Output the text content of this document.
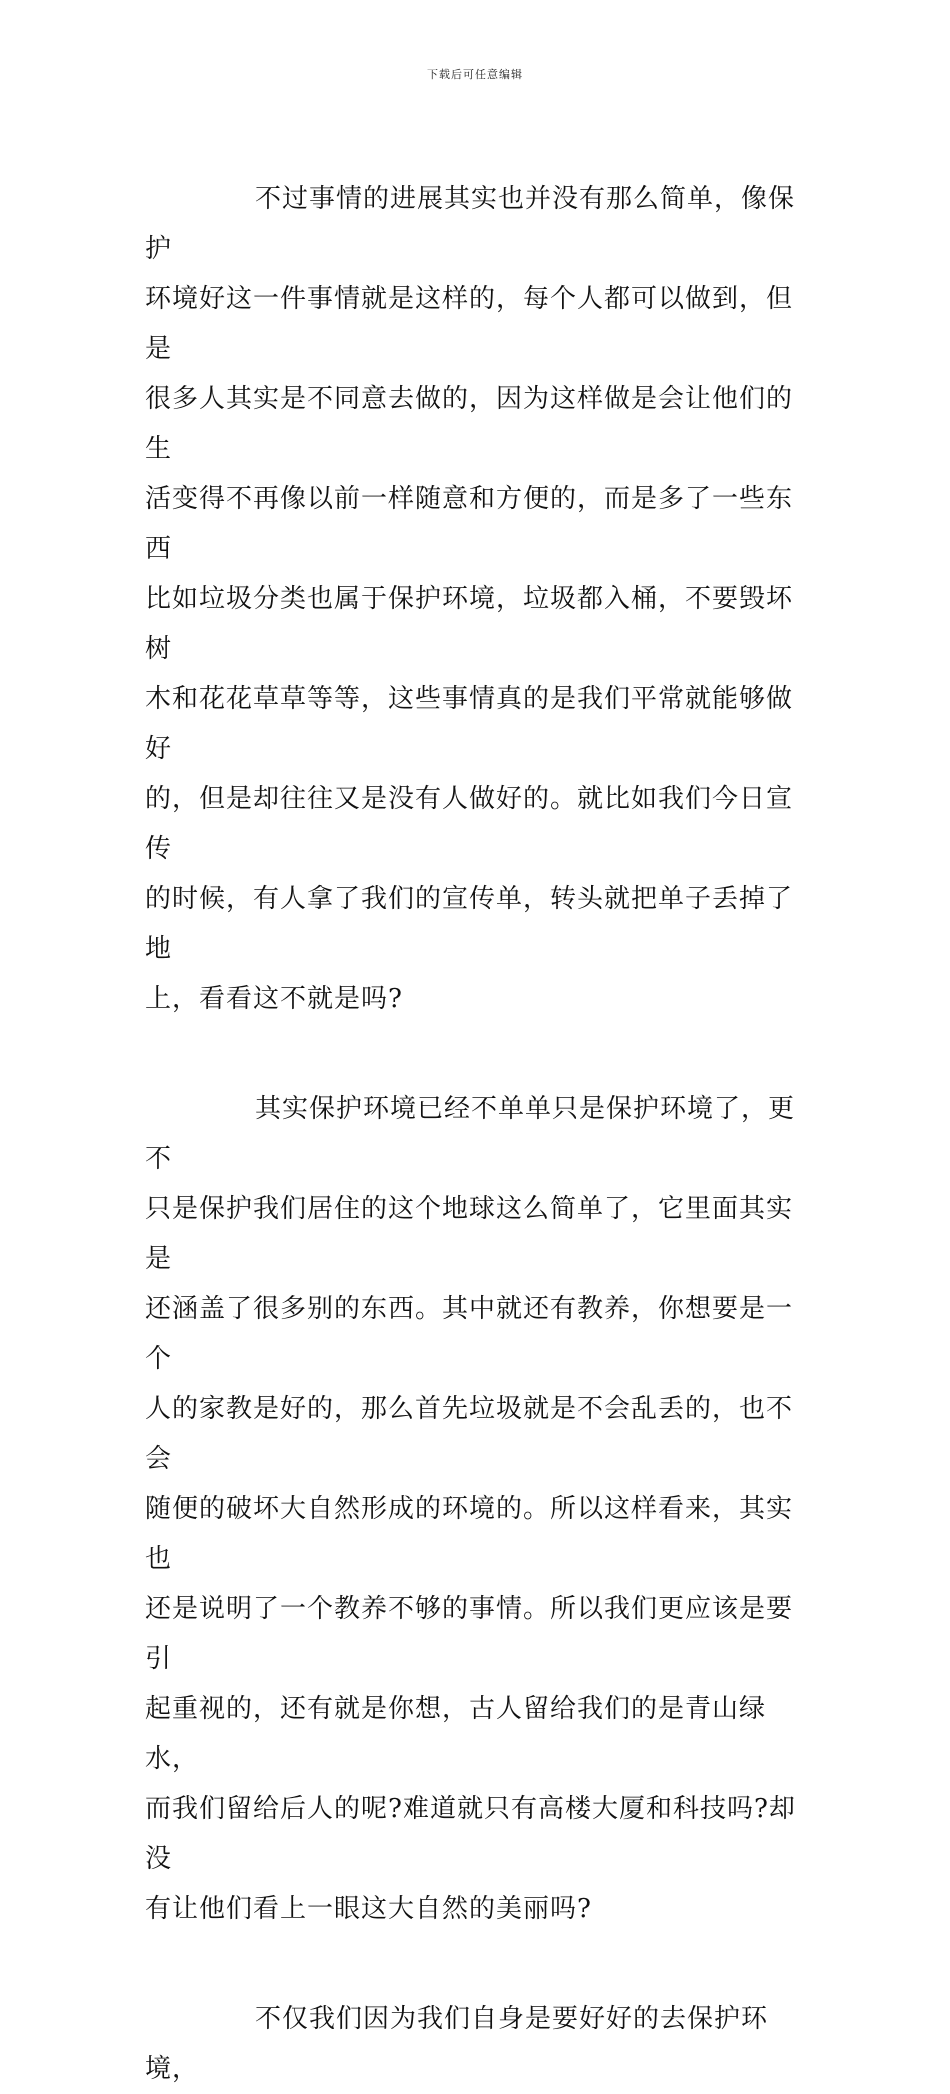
下载后可任意编辑

不过事情的进展其实也并没有那么简单，像保护
环境好这一件事情就是这样的，每个人都可以做到，但是
很多人其实是不同意去做的，因为这样做是会让他们的生
活变得不再像以前一样随意和方便的，而是多了一些东西
比如垃圾分类也属于保护环境，垃圾都入桶，不要毁坏树
木和花花草草等等，这些事情真的是我们平常就能够做好
的，但是却往往又是没有人做好的。就比如我们今日宣传
的时候，有人拿了我们的宣传单，转头就把单子丢掉了地
上，看看这不就是吗?

其实保护环境已经不单单只是保护环境了，更不
只是保护我们居住的这个地球这么简单了，它里面其实是
还涵盖了很多别的东西。其中就还有教养，你想要是一个
人的家教是好的，那么首先垃圾就是不会乱丢的，也不会
随便的破坏大自然形成的环境的。所以这样看来，其实也
还是说明了一个教养不够的事情。所以我们更应该是要引
起重视的，还有就是你想，古人留给我们的是青山绿水，
而我们留给后人的呢?难道就只有高楼大厦和科技吗?却没
有让他们看上一眼这大自然的美丽吗?

不仅我们因为我们自身是要好好的去保护环境，
